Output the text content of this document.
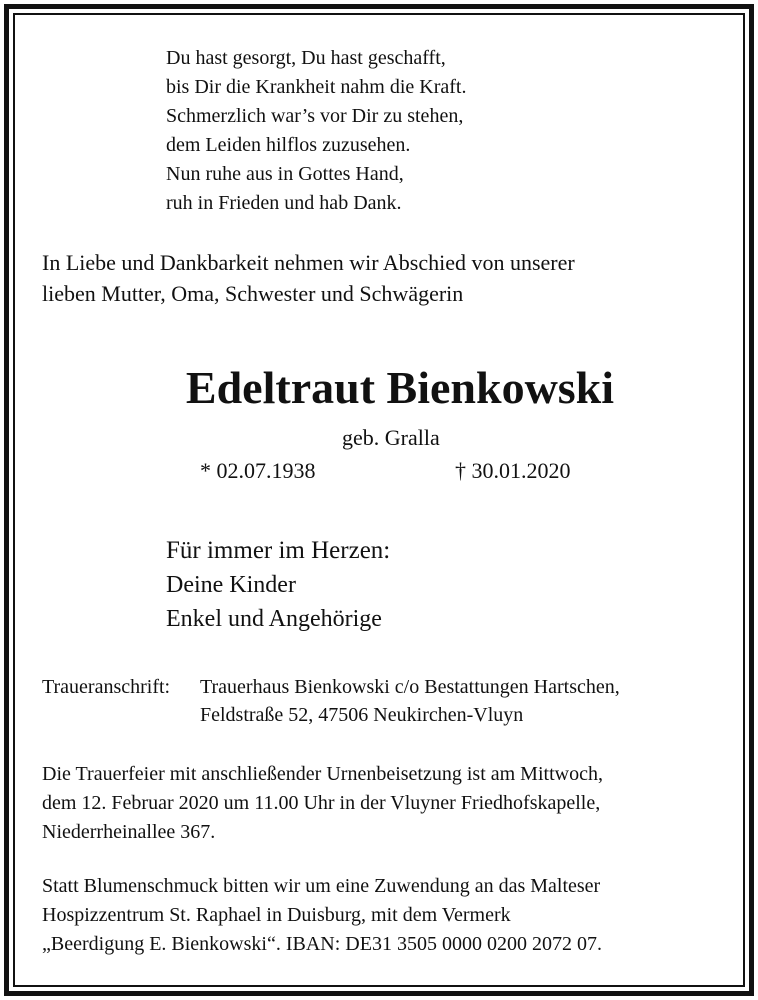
Du hast gesorgt, Du hast geschafft,
bis Dir die Krankheit nahm die Kraft.
Schmerzlich war’s vor Dir zu stehen,
dem Leiden hilflos zuzusehen.
Nun ruhe aus in Gottes Hand,
ruh in Frieden und hab Dank.
In Liebe und Dankbarkeit nehmen wir Abschied von unserer
lieben Mutter, Oma, Schwester und Schwägerin
Edeltraut Bienkowski
geb. Gralla
* 02.07.1938	† 30.01.2020
Für immer im Herzen:
Deine Kinder
Enkel und Angehörige
Traueranschrift: Trauerhaus Bienkowski c/o Bestattungen Hartschen,
Feldstraße 52, 47506 Neukirchen-Vluyn
Die Trauerfeier mit anschließender Urnenbeisetzung ist am Mittwoch,
dem 12. Februar 2020 um 11.00 Uhr in der Vluyner Friedhofskapelle,
Niederrheinallee 367.
Statt Blumenschmuck bitten wir um eine Zuwendung an das Malteser
Hospizzentrum St. Raphael in Duisburg, mit dem Vermerk
„Beerdigung E. Bienkowski“. IBAN: DE31 3505 0000 0200 2072 07.
